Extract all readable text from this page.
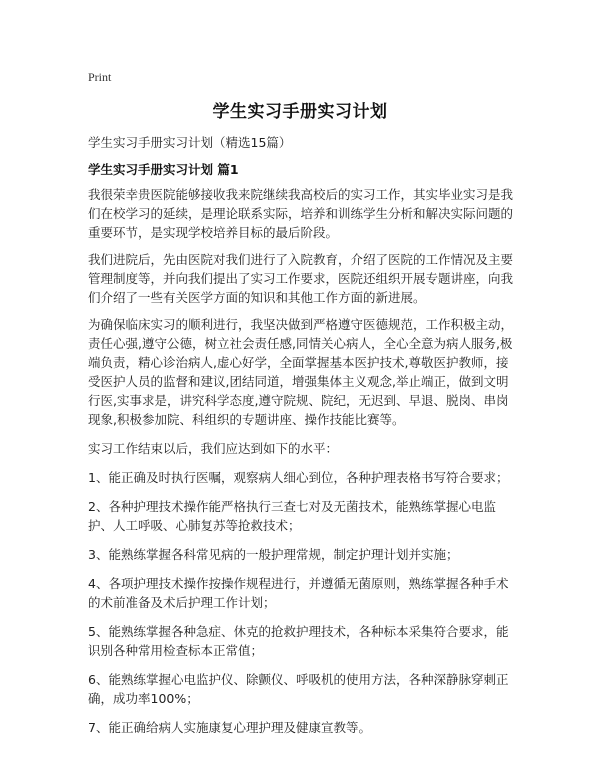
Print
学生实习手册实习计划
学生实习手册实习计划（精选15篇）
学生实习手册实习计划 篇1

我很荣幸贵医院能够接收我来院继续我高校后的实习工作，其实毕业实习是我们在校学习的延续，是理论联系实际，培养和训练学生分析和解决实际问题的重要环节，是实现学校培养目标的最后阶段。

我们进院后，先由医院对我们进行了入院教育，介绍了医院的工作情况及主要管理制度等，并向我们提出了实习工作要求，医院还组织开展专题讲座，向我们介绍了一些有关医学方面的知识和其他工作方面的新进展。

为确保临床实习的顺利进行，我坚决做到严格遵守医德规范，工作积极主动，责任心强,遵守公德，树立社会责任感,同情关心病人，全心全意为病人服务,极端负责，精心诊治病人,虚心好学，全面掌握基本医护技术,尊敬医护教师，接受医护人员的监督和建议,团结同道，增强集体主义观念,举止端正，做到文明行医,实事求是，讲究科学态度,遵守院规、院纪，无迟到、早退、脱岗、串岗现象,积极参加院、科组织的专题讲座、操作技能比赛等。

实习工作结束以后，我们应达到如下的水平：

1、能正确及时执行医嘱，观察病人细心到位，各种护理表格书写符合要求；

2、各种护理技术操作能严格执行三查七对及无菌技术，能熟练掌握心电监护、人工呼吸、心肺复苏等抢救技术；

3、能熟练掌握各科常见病的一般护理常规，制定护理计划并实施；

4、各项护理技术操作按操作规程进行，并遵循无菌原则，熟练掌握各种手术的术前准备及术后护理工作计划；

5、能熟练掌握各种急症、休克的抢救护理技术，各种标本采集符合要求，能识别各种常用检查标本正常值；

6、能熟练掌握心电监护仪、除颤仪、呼吸机的使用方法，各种深静脉穿刺正确，成功率100%；

7、能正确给病人实施康复心理护理及健康宣教等。
